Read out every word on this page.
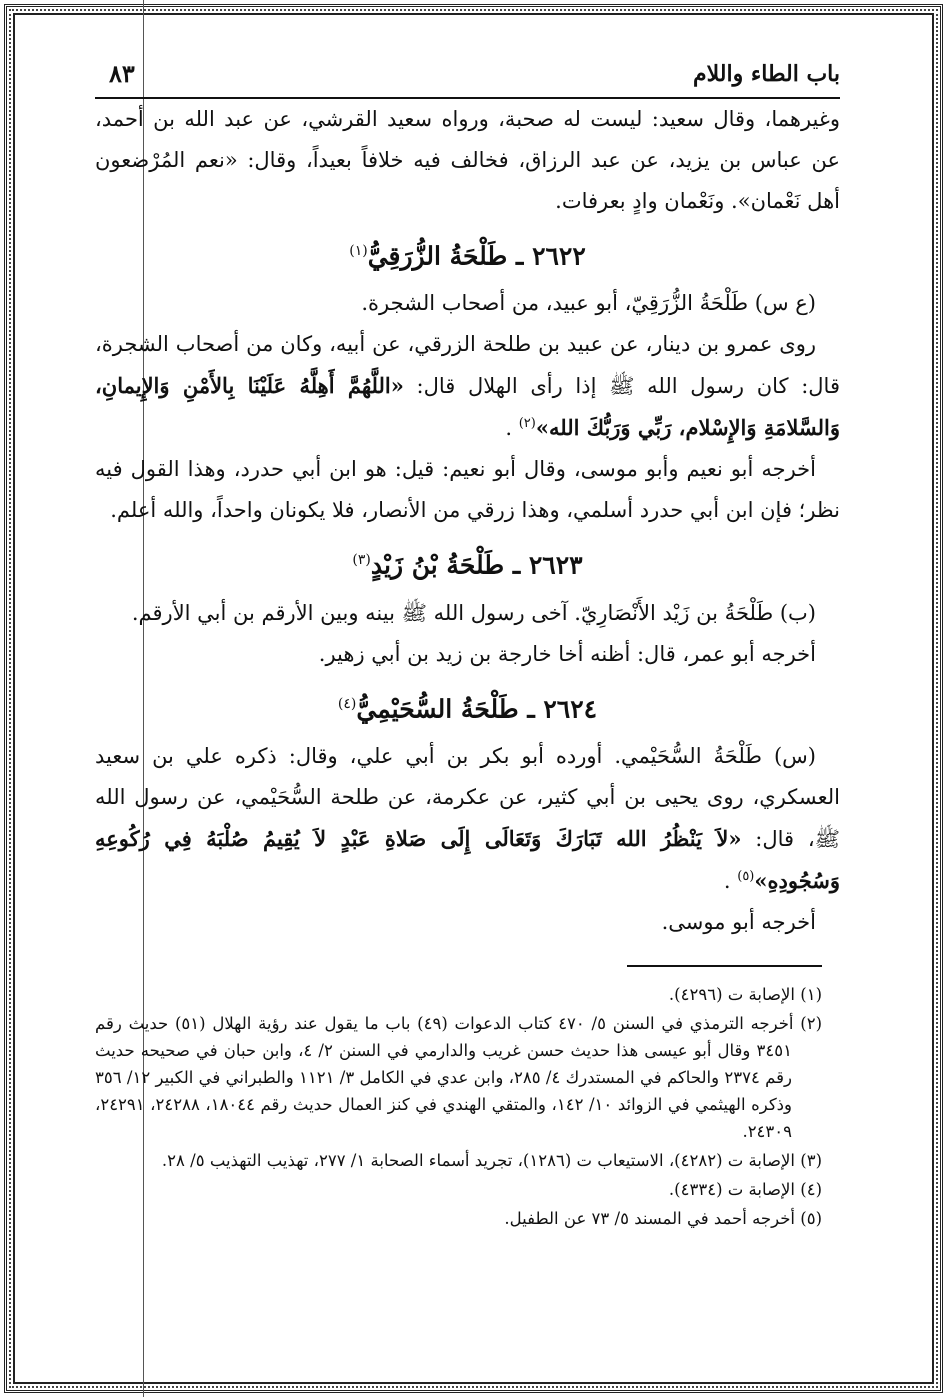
باب الطاء واللام
٨٣

وغيرهما، وقال سعيد: ليست له صحبة، ورواه سعيد القرشي، عن عبد الله بن أحمد، عن عباس بن يزيد، عن عبد الرزاق، فخالف فيه خلافاً بعيداً، وقال: «نعم المُرْضعون أهل نَعْمان». ونَعْمان وادٍ بعرفات.

٢٦٢٢ ـ طَلْحَةُ الزُّرَقِيُّ$^{(١)}$

(ع س) طَلْحَةُ الزُّرَقِيّ، أبو عبيد، من أصحاب الشجرة.

روى عمرو بن دينار، عن عبيد بن طلحة الزرقي، عن أبيه، وكان من أصحاب الشجرة، قال: كان رسول الله ﷺ إذا رأى الهلال قال: «اللَّهُمَّ أَهِلَّهُ عَلَيْنَا بِالأَمْنِ وَالإِيمانِ، وَالسَّلامَةِ وَالإِسْلام، رَبِّي وَرَبُّكَ الله»$^{(٢)}$ .

أخرجه أبو نعيم وأبو موسى، وقال أبو نعيم: قيل: هو ابن أبي حدرد، وهذا القول فيه نظر؛ فإن ابن أبي حدرد أسلمي، وهذا زرقي من الأنصار، فلا يكونان واحداً، والله أعلم.

٢٦٢٣ ـ طَلْحَةُ بْنُ زَيْدٍ$^{(٣)}$

(ب) طَلْحَةُ بن زَيْد الأَنْصَارِيّ. آخى رسول الله ﷺ بينه وبين الأرقم بن أبي الأرقم.

أخرجه أبو عمر، قال: أظنه أخا خارجة بن زيد بن أبي زهير.

٢٦٢٤ ـ طَلْحَةُ السُّحَيْمِيُّ$^{(٤)}$

(س) طَلْحَةُ السُّحَيْمي. أورده أبو بكر بن أبي علي، وقال: ذكره علي بن سعيد العسكري، روى يحيى بن أبي كثير، عن عكرمة، عن طلحة السُّحَيْمي، عن رسول الله ﷺ، قال: «لاَ يَنْظُرُ الله تَبَارَكَ وَتَعَالَى إِلَى صَلاةِ عَبْدٍ لاَ يُقِيمُ صُلْبَهُ فِي رُكُوعِهِ وَسُجُودِهِ»$^{(٥)}$ .

أخرجه أبو موسى.

(١) الإصابة ت (٤٢٩٦).

(٢) أخرجه الترمذي في السنن ٥/ ٤٧٠ كتاب الدعوات (٤٩) باب ما يقول عند رؤية الهلال (٥١) حديث رقم ٣٤٥١ وقال أبو عيسى هذا حديث حسن غريب والدارمي في السنن ٢/ ٤، وابن حبان في صحيحه حديث رقم ٢٣٧٤ والحاكم في المستدرك ٤/ ٢٨٥، وابن عدي في الكامل ٣/ ١١٢١ والطبراني في الكبير ١٢/ ٣٥٦ وذكره الهيثمي في الزوائد ١٠/ ١٤٢، والمتقي الهندي في كنز العمال حديث رقم ١٨٠٤٤، ٢٤٢٨٨، ٢٤٢٩١، ٢٤٣٠٩.

(٣) الإصابة ت (٤٢٨٢)، الاستيعاب ت (١٢٨٦)، تجريد أسماء الصحابة ١/ ٢٧٧، تهذيب التهذيب ٥/ ٢٨.

(٤) الإصابة ت (٤٣٣٤).

(٥) أخرجه أحمد في المسند ٥/ ٧٣ عن الطفيل.
